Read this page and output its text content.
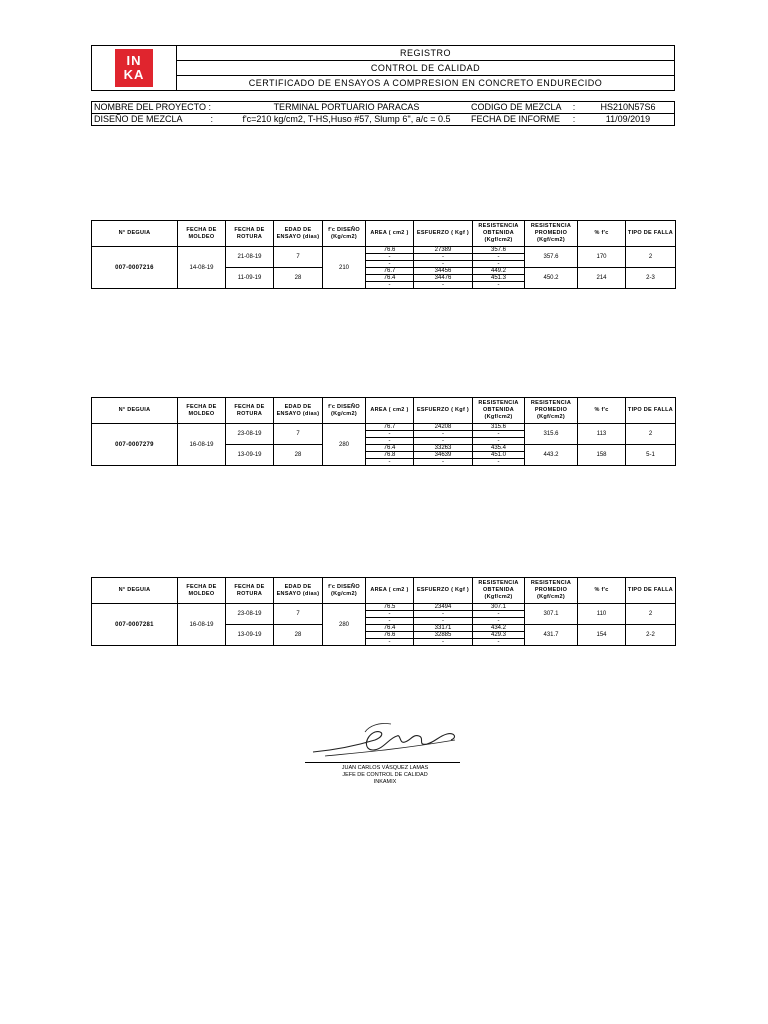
IN
KA
	REGISTRO
CONTROL DE CALIDAD
CERTIFICADO DE ENSAYOS A COMPRESION EN CONCRETO ENDURECIDO
NOMBRE DEL PROYECTO :	TERMINAL PORTUARIO PARACAS	CODIGO DE MEZCLA	:	HS210N57S6
DISEÑO DE MEZCLA :	f'c=210 kg/cm2, T-HS,Huso #57, Slump 6'', a/c = 0.5	FECHA DE INFORME	:	11/09/2019
N° DEGUIA	FECHA DE MOLDEO	FECHA DE ROTURA	EDAD DE ENSAYO (dias)	f'c DISEÑO (Kg/cm2)	AREA ( cm2 )	ESFUERZO ( Kgf )	RESISTENCIA OBTENIDA (Kgf/cm2)	RESISTENCIA PROMEDIO (Kgf/cm2)	% f'c	TIPO DE FALLA
007-0007216	14-08-19	21-08-19	7	210	76.6	27389	357.6	357.6	170	2
					-	-	-			
					-	-	-			
		11-09-19	28		76.7	34456	449.2	450.2	214	2-3
					76.4	34476	451.3			
					-	-	-			
N° DEGUIA	FECHA DE MOLDEO	FECHA DE ROTURA	EDAD DE ENSAYO (dias)	f'c DISEÑO (Kg/cm2)	AREA ( cm2 )	ESFUERZO ( Kgf )	RESISTENCIA OBTENIDA (Kgf/cm2)	RESISTENCIA PROMEDIO (Kgf/cm2)	% f'c	TIPO DE FALLA
007-0007279	16-08-19	23-08-19	7	280	76.7	24208	315.6	315.6	113	2
					-	-	-			
					-	-	-			
		13-09-19	28		76.4	33263	435.4	443.2	158	5-1
					76.8	34639	451.0			
					-	-	-			
N° DEGUIA	FECHA DE MOLDEO	FECHA DE ROTURA	EDAD DE ENSAYO (dias)	f'c DISEÑO (Kg/cm2)	AREA ( cm2 )	ESFUERZO ( Kgf )	RESISTENCIA OBTENIDA (Kgf/cm2)	RESISTENCIA PROMEDIO (Kgf/cm2)	% f'c	TIPO DE FALLA
007-0007281	16-08-19	23-08-19	7	280	76.5	23494	307.1	307.1	110	2
					-	-	-			
					-	-	-			
		13-09-19	28		76.4	33171	434.2	431.7	154	2-2
					76.6	32885	429.3			
					-	-	-			
JUAN CARLOS VÁSQUEZ LAMAS
JEFE DE CONTROL DE CALIDAD
INKAMIX
